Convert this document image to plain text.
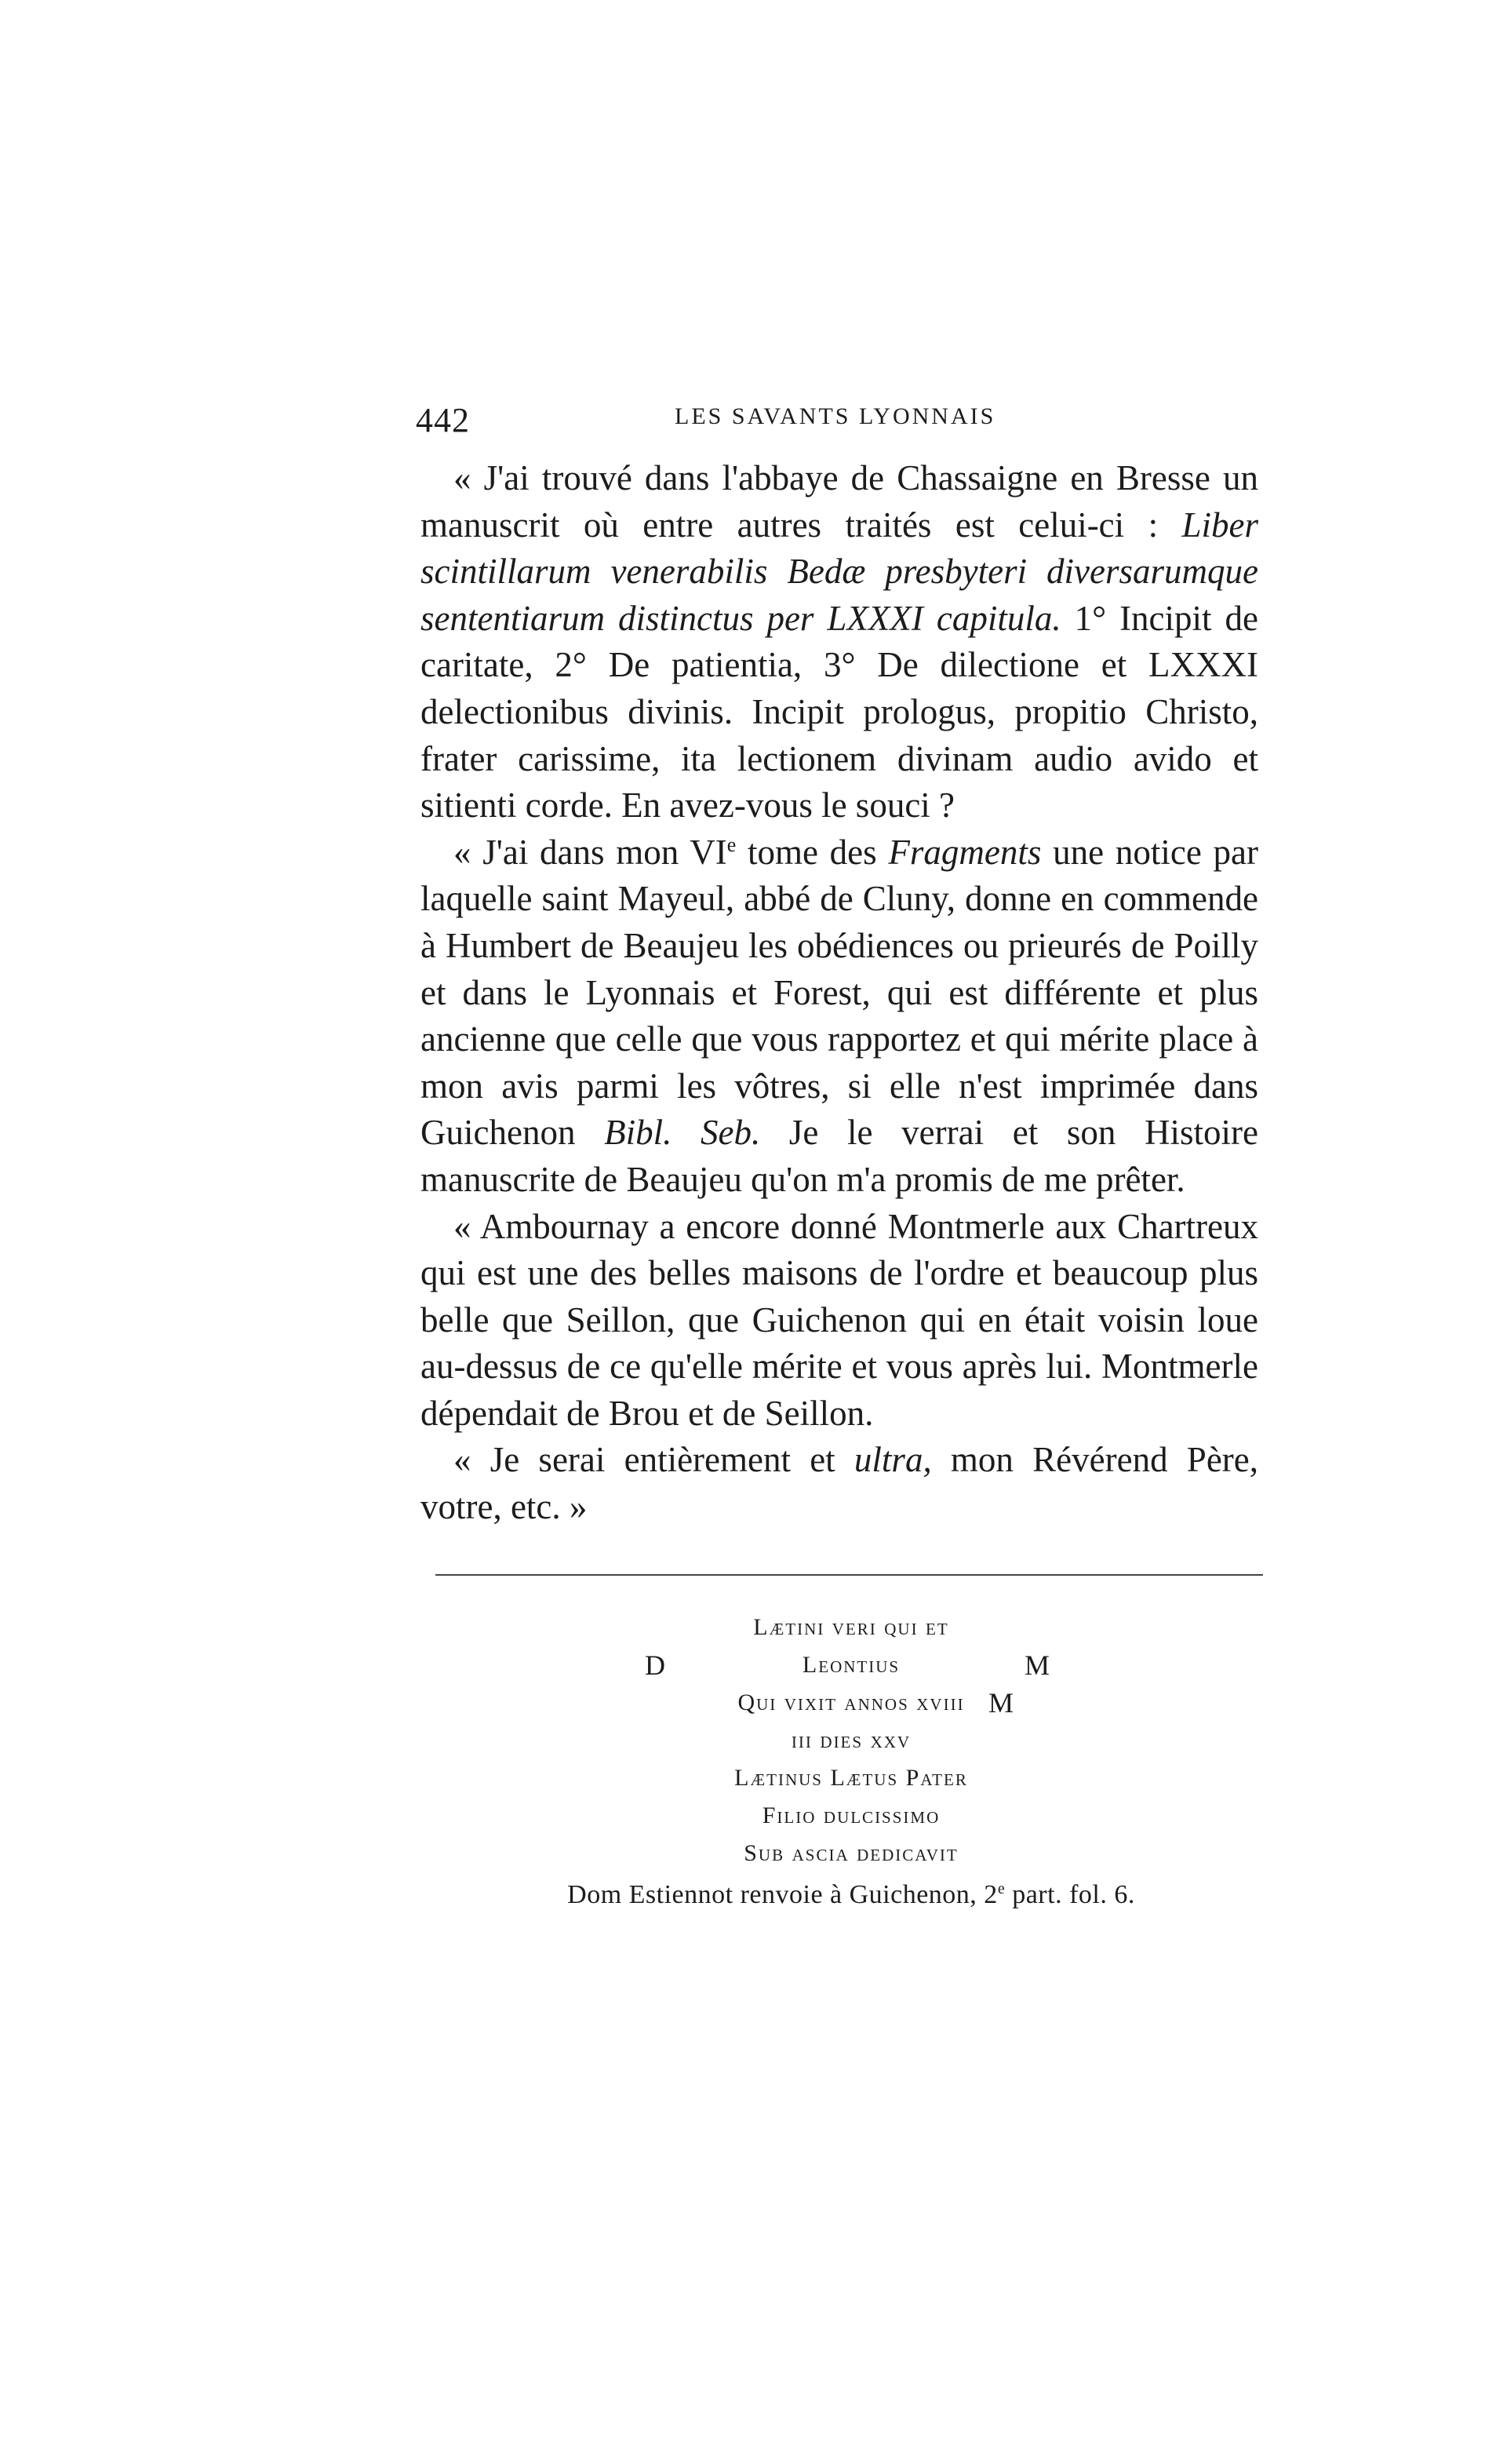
442	LES SAVANTS LYONNAIS

« J'ai trouvé dans l'abbaye de Chassaigne en Bresse un manuscrit où entre autres traités est celui-ci : Liber scintillarum venerabilis Bedæ presbyteri diversarumque sententiarum distinctus per LXXXI capitula. 1° Incipit de caritate, 2° De patientia, 3° De dilectione et LXXXI delectionibus divinis. Incipit prologus, propitio Christo, frater carissime, ita lectionem divinam audio avido et sitienti corde. En avez-vous le souci ?

« J'ai dans mon VIe tome des Fragments une notice par laquelle saint Mayeul, abbé de Cluny, donne en commende à Humbert de Beaujeu les obédiences ou prieurés de Poilly et dans le Lyonnais et Forest, qui est différente et plus ancienne que celle que vous rapportez et qui mérite place à mon avis parmi les vôtres, si elle n'est imprimée dans Guichenon Bibl. Seb. Je le verrai et son Histoire manuscrite de Beaujeu qu'on m'a promis de me prêter.

« Ambournay a encore donné Montmerle aux Chartreux qui est une des belles maisons de l'ordre et beaucoup plus belle que Seillon, que Guichenon qui en était voisin loue au-dessus de ce qu'elle mérite et vous après lui. Montmerle dépendait de Brou et de Seillon.

« Je serai entièrement et ultra, mon Révérend Père, votre, etc. »

Lætini veri qui et
D	Leontius	M
Qui vixit annos xviii M
iii dies xxv
Lætinus Lætus Pater
Filio dulcissimo
Sub ascia dedicavit
Dom Estiennot renvoie à Guichenon, 2e part. fol. 6.
